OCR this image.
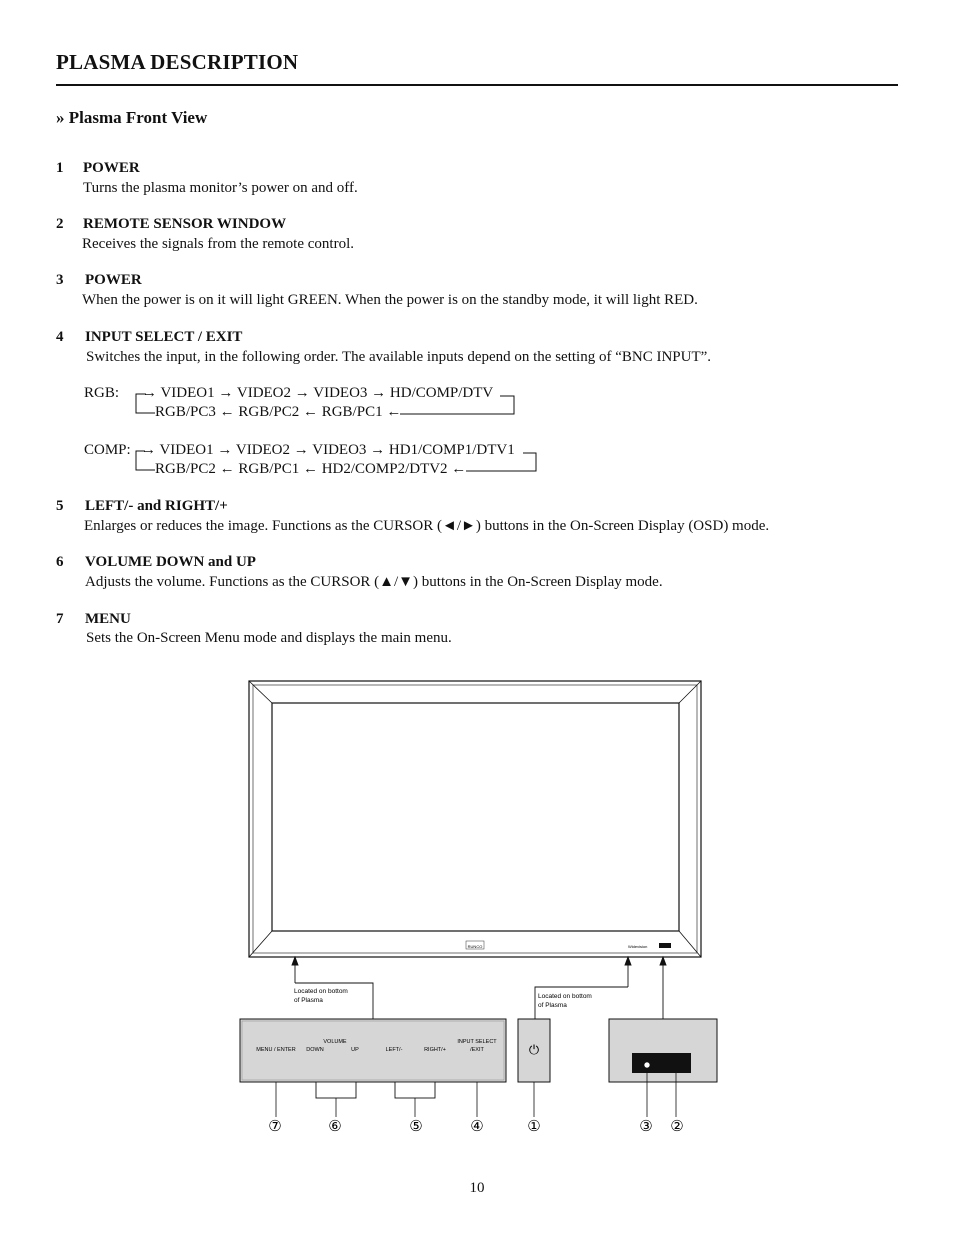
PLASMA DESCRIPTION
» Plasma Front View
1 POWER
Turns the plasma monitor’s power on and off.
2 REMOTE SENSOR WINDOW
Receives the signals from the remote control.
3 POWER
When the power is on it will light GREEN. When the power is on the standby mode, it will light RED.
4 INPUT SELECT / EXIT
Switches the input, in the following order. The available inputs depend on the setting of “BNC INPUT”.
RGB: → VIDEO1 → VIDEO2 → VIDEO3 → HD/COMP/DTV
RGB/PC3 ← RGB/PC2 ← RGB/PC1 ←
COMP: → VIDEO1 → VIDEO2 → VIDEO3 → HD1/COMP1/DTV1
RGB/PC2 ← RGB/PC1 ← HD2/COMP2/DTV2 ←
5 LEFT/- and RIGHT/+
Enlarges or reduces the image. Functions as the CURSOR (◄/►) buttons in the On-Screen Display (OSD) mode.
6 VOLUME DOWN and UP
Adjusts the volume. Functions as the CURSOR (▲/▼) buttons in the On-Screen Display mode.
7 MENU
Sets the On-Screen Menu mode and displays the main menu.
RUNCO	Widevision
Located on bottom
of Plasma
Located on bottom
of Plasma
VOLUME
MENU / ENTER DOWN	UP	LEFT/-	RIGHT/+
INPUT SELECT
/EXIT	⏻
⑦	⑥	⑤	④	①	③ ②
10
